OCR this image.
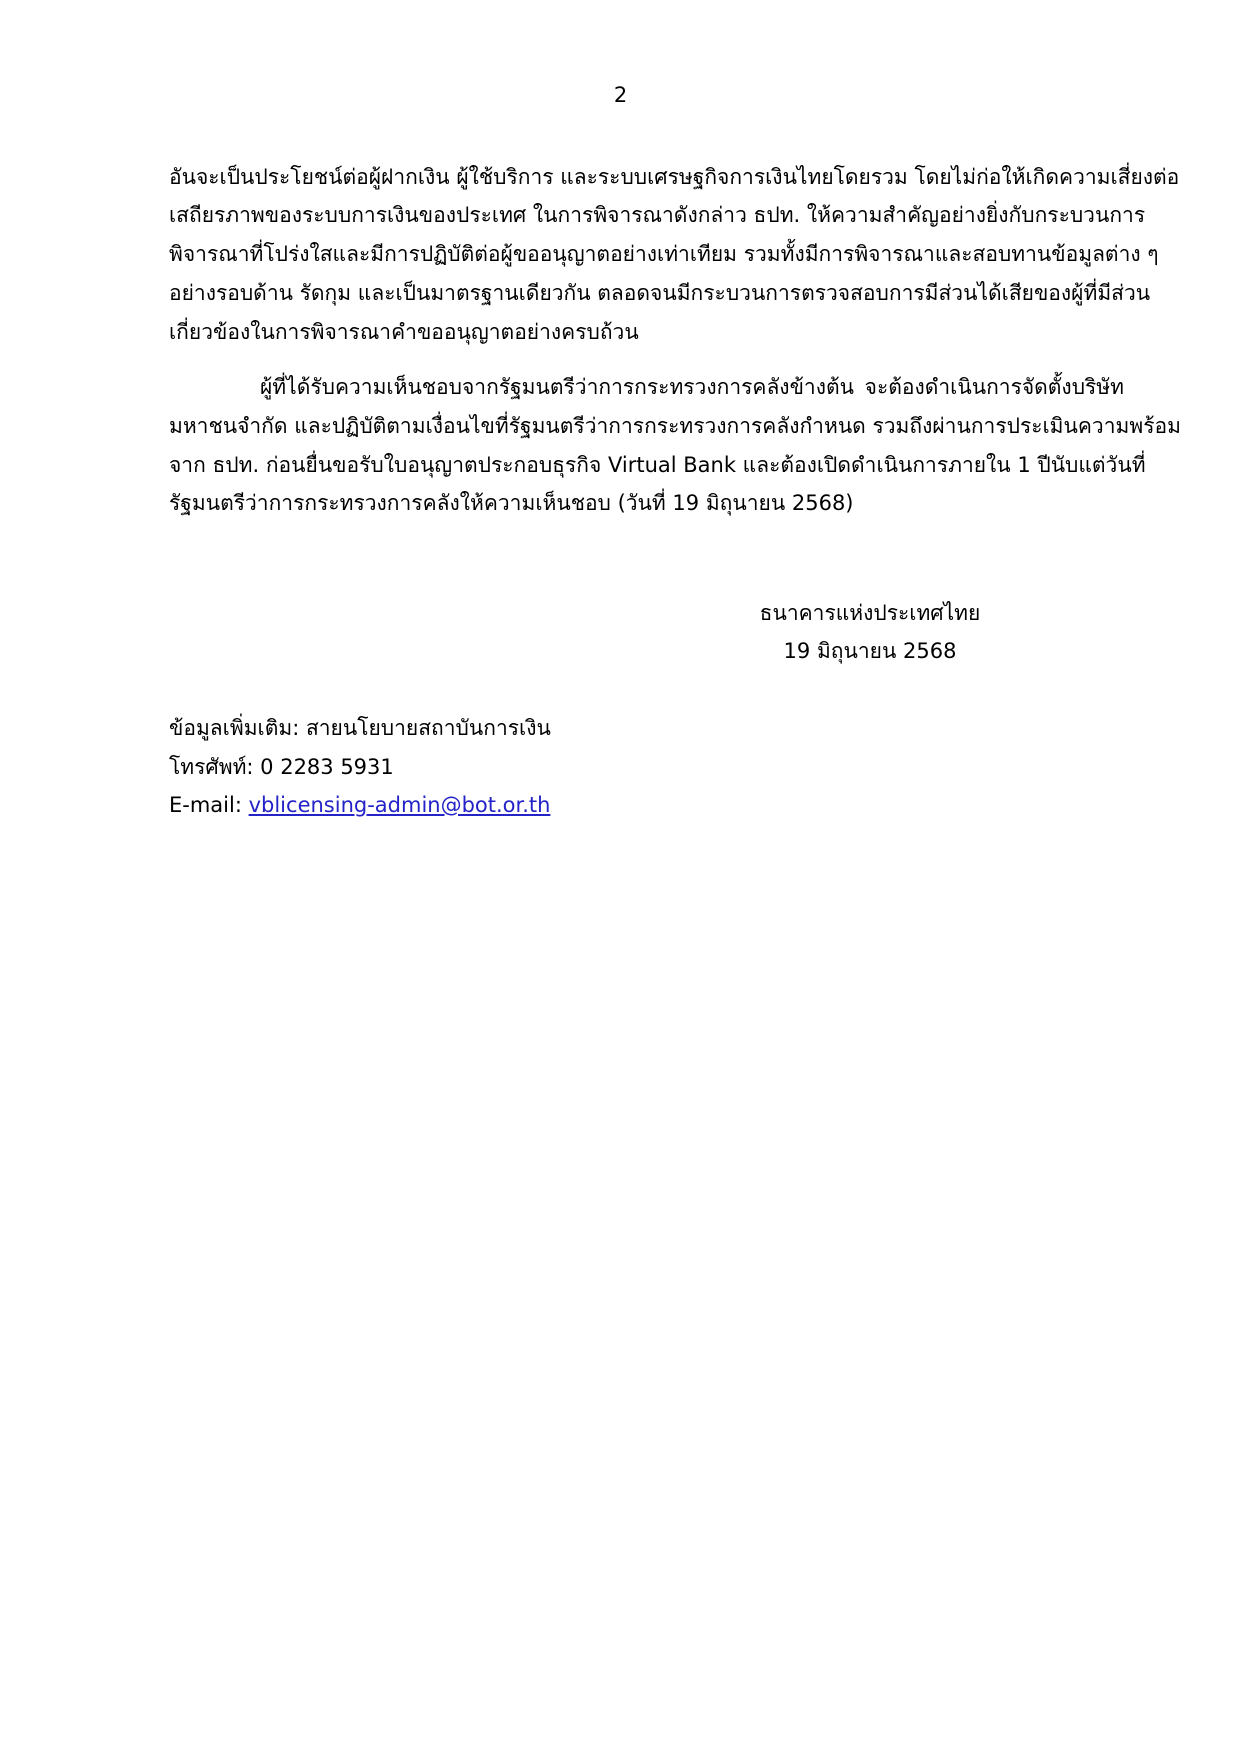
2
อันจะเป็นประโยชน์ต่อผู้ฝากเงิน ผู้ใช้บริการ และระบบเศรษฐกิจการเงินไทยโดยรวม โดยไม่ก่อให้เกิดความเสี่ยงต่อ
เสถียรภาพของระบบการเงินของประเทศ ในการพิจารณาดังกล่าว ธปท. ให้ความสำคัญอย่างยิ่งกับกระบวนการ
พิจารณาที่โปร่งใสและมีการปฏิบัติต่อผู้ขออนุญาตอย่างเท่าเทียม รวมทั้งมีการพิจารณาและสอบทานข้อมูลต่าง ๆ
อย่างรอบด้าน รัดกุม และเป็นมาตรฐานเดียวกัน ตลอดจนมีกระบวนการตรวจสอบการมีส่วนได้เสียของผู้ที่มีส่วน
เกี่ยวข้องในการพิจารณาคำขออนุญาตอย่างครบถ้วน
ผู้ที่ได้รับความเห็นชอบจากรัฐมนตรีว่าการกระทรวงการคลังข้างต้น จะต้องดำเนินการจัดตั้งบริษัท
มหาชนจำกัด และปฏิบัติตามเงื่อนไขที่รัฐมนตรีว่าการกระทรวงการคลังกำหนด รวมถึงผ่านการประเมินความพร้อม
จาก ธปท. ก่อนยื่นขอรับใบอนุญาตประกอบธุรกิจ Virtual Bank และต้องเปิดดำเนินการภายใน 1 ปีนับแต่วันที่
รัฐมนตรีว่าการกระทรวงการคลังให้ความเห็นชอบ (วันที่ 19 มิถุนายน 2568)
ธนาคารแห่งประเทศไทย
19 มิถุนายน 2568
ข้อมูลเพิ่มเติม: สายนโยบายสถาบันการเงิน
โทรศัพท์: 0 2283 5931
E-mail: vblicensing-admin@bot.or.th
